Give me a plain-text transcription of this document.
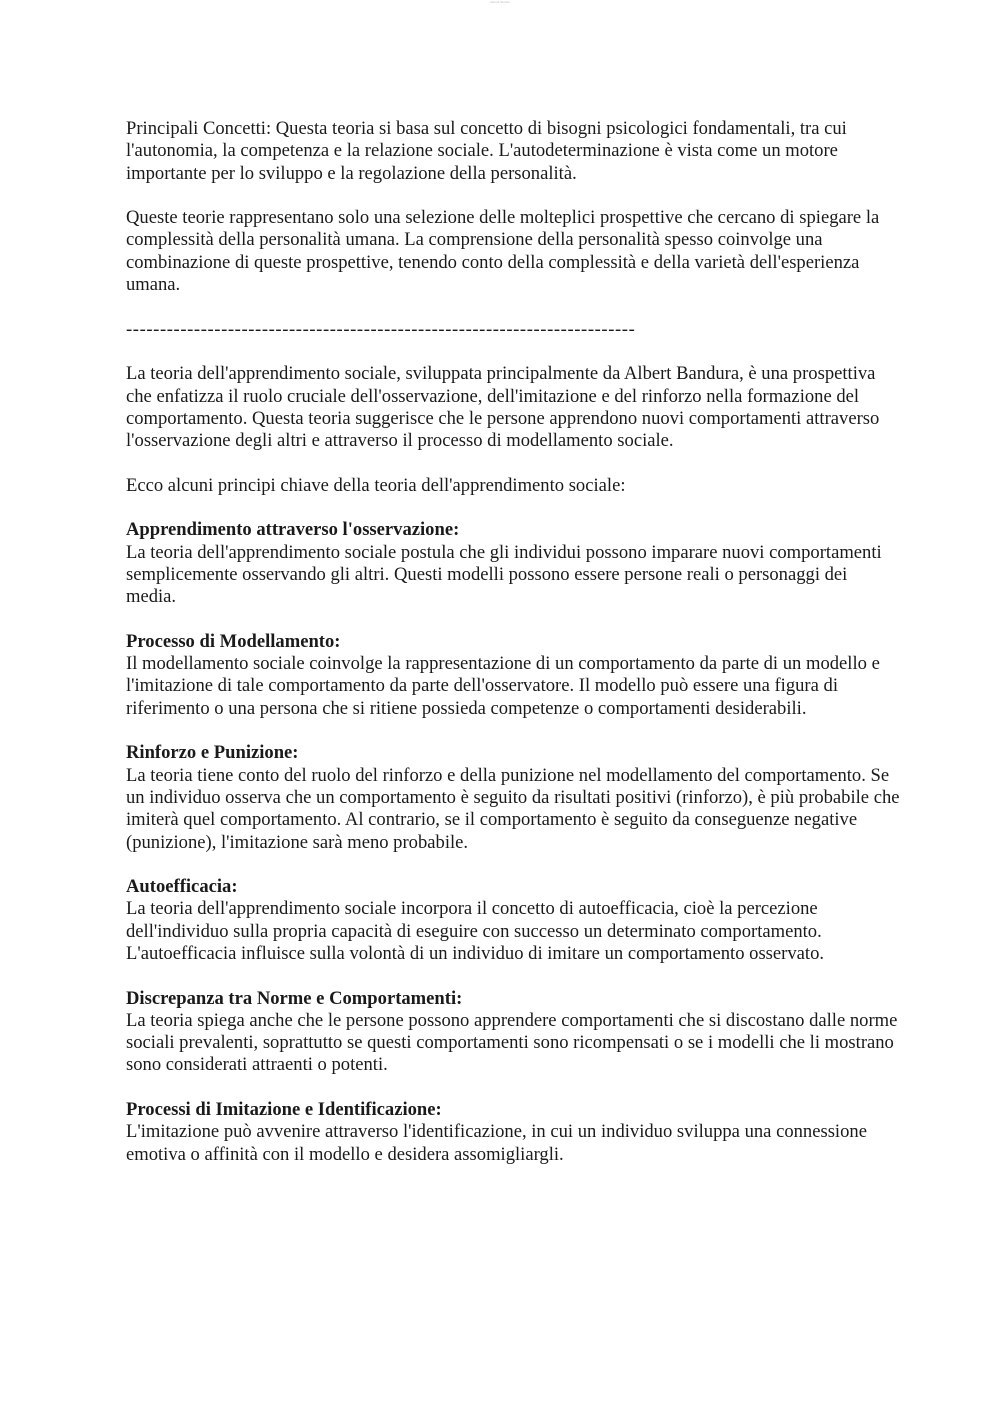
Menu1 Sfondo

Principali Concetti: Questa teoria si basa sul concetto di bisogni psicologici fondamentali, tra cui l'autonomia, la competenza e la relazione sociale. L'autodeterminazione è vista come un motore importante per lo sviluppo e la regolazione della personalità.

Queste teorie rappresentano solo una selezione delle molteplici prospettive che cercano di spiegare la complessità della personalità umana. La comprensione della personalità spesso coinvolge una combinazione di queste prospettive, tenendo conto della complessità e della varietà dell'esperienza umana.

---------------------------------------------------------------------------

La teoria dell'apprendimento sociale, sviluppata principalmente da Albert Bandura, è una prospettiva che enfatizza il ruolo cruciale dell'osservazione, dell'imitazione e del rinforzo nella formazione del comportamento. Questa teoria suggerisce che le persone apprendono nuovi comportamenti attraverso l'osservazione degli altri e attraverso il processo di modellamento sociale.

Ecco alcuni principi chiave della teoria dell'apprendimento sociale:

Apprendimento attraverso l'osservazione:
La teoria dell'apprendimento sociale postula che gli individui possono imparare nuovi comportamenti semplicemente osservando gli altri. Questi modelli possono essere persone reali o personaggi dei media.
Processo di Modellamento:
Il modellamento sociale coinvolge la rappresentazione di un comportamento da parte di un modello e l'imitazione di tale comportamento da parte dell'osservatore. Il modello può essere una figura di riferimento o una persona che si ritiene possieda competenze o comportamenti desiderabili.
Rinforzo e Punizione:
La teoria tiene conto del ruolo del rinforzo e della punizione nel modellamento del comportamento. Se un individuo osserva che un comportamento è seguito da risultati positivi (rinforzo), è più probabile che imiterà quel comportamento. Al contrario, se il comportamento è seguito da conseguenze negative (punizione), l'imitazione sarà meno probabile.
Autoefficacia:
La teoria dell'apprendimento sociale incorpora il concetto di autoefficacia, cioè la percezione dell'individuo sulla propria capacità di eseguire con successo un determinato comportamento. L'autoefficacia influisce sulla volontà di un individuo di imitare un comportamento osservato.
Discrepanza tra Norme e Comportamenti:
La teoria spiega anche che le persone possono apprendere comportamenti che si discostano dalle norme sociali prevalenti, soprattutto se questi comportamenti sono ricompensati o se i modelli che li mostrano sono considerati attraenti o potenti.
Processi di Imitazione e Identificazione:
L'imitazione può avvenire attraverso l'identificazione, in cui un individuo sviluppa una connessione emotiva o affinità con il modello e desidera assomigliargli.
